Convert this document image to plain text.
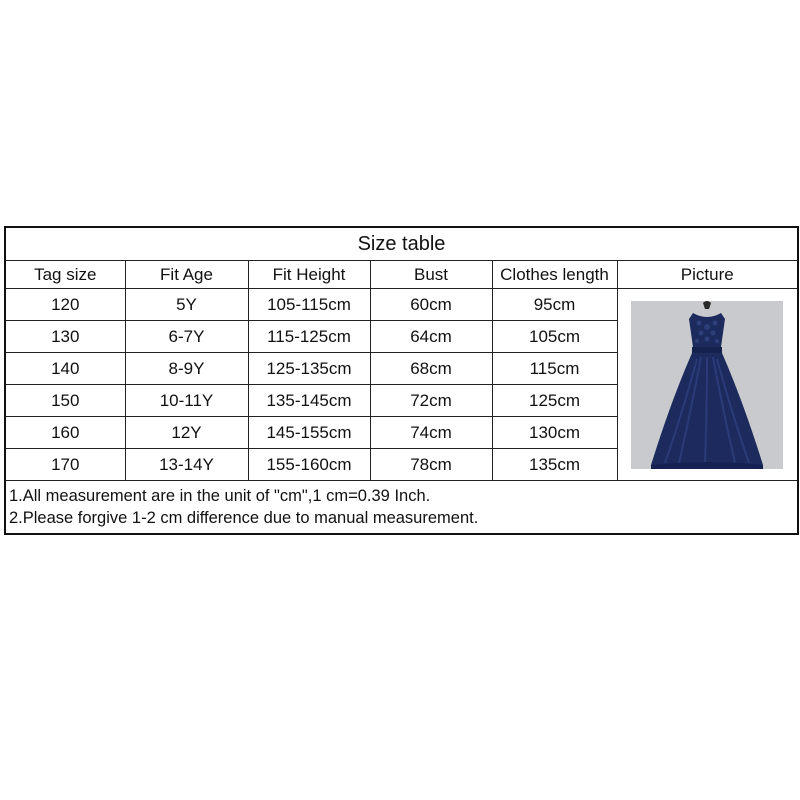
Size table					
Tag size	Fit Age	Fit Height	Bust	Clothes length	Picture
120	5Y	105-115cm	60cm	95cm	

130	6-7Y	115-125cm	64cm	105cm	
140	8-9Y	125-135cm	68cm	115cm	
150	10-11Y	135-145cm	72cm	125cm	
160	12Y	145-155cm	74cm	130cm	
170	13-14Y	155-160cm	78cm	135cm	

1.All measurement are in the unit of "cm",1 cm=0.39 Inch.
2.Please forgive 1-2 cm difference due to manual measurement.					
